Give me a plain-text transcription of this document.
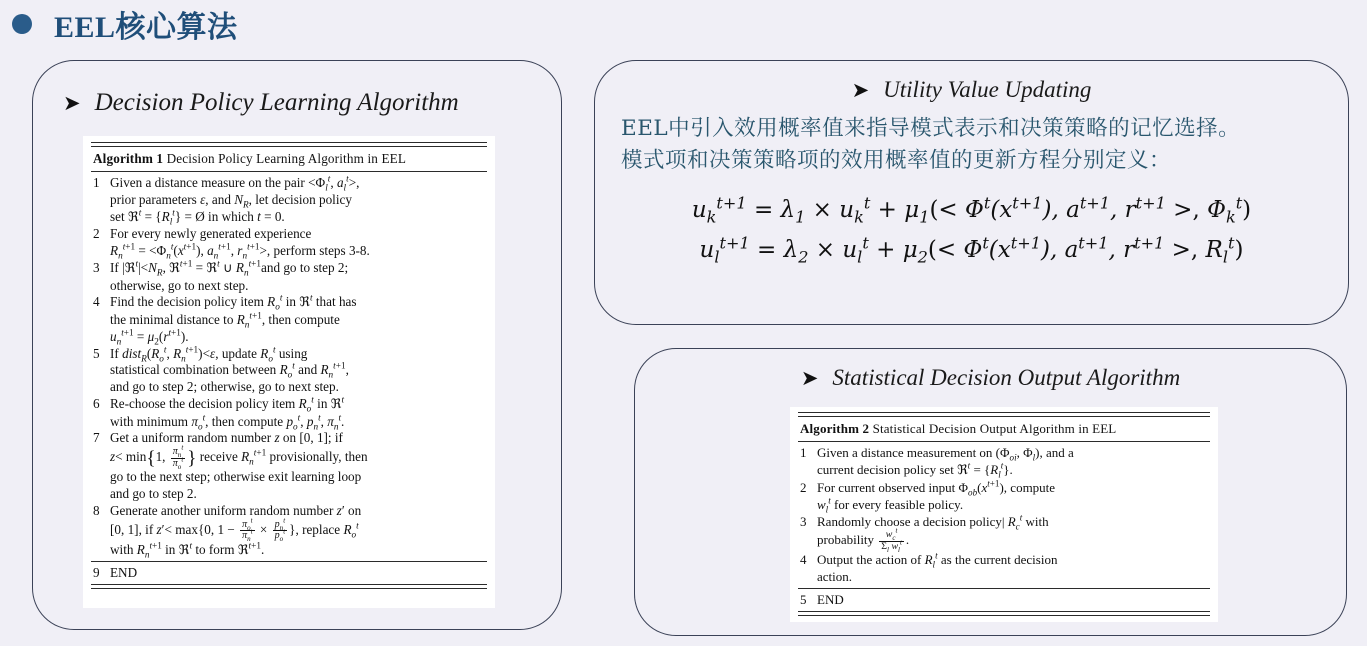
EEL核心算法
➤ Decision Policy Learning Algorithm
Algorithm 1 Decision Policy Learning Algorithm in EEL
1 Given a distance measure on the pair $<\Phi_l^t$, $a_l^t>$,
prior parameters ε, and $N_R$, let decision policy
set ℜ$^t$ = $\{R_l^t\}$ = Ø in which t = 0.
2 For every newly generated experience
$R_n^{t+1} = <\Phi_n^t(x^{t+1})$, $a_n^{t+1}$, $r_n^{t+1}>$, perform steps 3-8.
3 If $|ℜ^t|<N_R$, ℜ$^{t+1}$ = ℜ$^t$ ∪ $R_n^{t+1}and$ go to step 2;
otherwise, go to next step.
4 Find the decision policy item $R_o^t$ in ℜ$^t$ that has
the minimal distance to $R_n^{t+1}$, then compute
$u_n^{t+1} = \mu_2(r^{t+1})$.
5 If $dist_R(R_o^t$, $R_n^{t+1})<\varepsilon$, update $R_o^t$ using
statistical combination between $R_o^t$ and $R_n^{t+1}$,
and go to step 2; otherwise, go to next step.
6 Re-choose the decision policy item $R_o^t$ in ℜ$^t$
with minimum $\pi_o^t$, then compute $p_o^t$, $p_n^t$, $\pi_n^t$.
7 Get a uniform random number z on [0, 1]; if
z< min{1, $\frac{\pi_n^t}{\pi_o^t}$ } receive $R_n^{t+1}$ provisionally, then
go to the next step; otherwise exit learning loop
and go to step 2.
8 Generate another uniform random number z′ on
[0, 1], if z′< max{0, $1 - \frac{\pi_o^t}{\pi_n^t} \times \frac{p_n^t}{p_o^t}$ }, replace $R_o^t$
with $R_n^{t+1}$ in ℜ$^t$ to form ℜ$^{t+1}$.
9 END
➤ Utility Value Updating
EEL中引入效用概率值来指导模式表示和决策策略的记忆选择。
模式项和决策策略项的效用概率值的更新方程分别定义：
$u_k^{t+1} = \lambda_1 \times u_k^t + \mu_1(< \Phi^t(x^{t+1})$, $a^{t+1}$, $r^{t+1}$ >, $\Phi_k^t$)
$u_l^{t+1} = \lambda_2 \times u_l^t + \mu_2(< \Phi^t(x^{t+1})$, $a^{t+1}$, $r^{t+1}$ >, $R_l^t$)
➤ Statistical Decision Output Algorithm
Algorithm 2 Statistical Decision Output Algorithm in EEL
1 Given a distance measurement on ($\Phi_{oi}$, $\Phi_l$), and a
current decision policy set ℜ$^t$ = $\{R_l^t\}$.
2 For current observed input $\Phi_{ob}(x^{t+1})$, compute
$w_l^t$ for every feasible policy.
3 Randomly choose a decision policy| $R_c^t$ with
probability $\frac{w_c^t}{\Sigma_l w_l^t}$ .
4 Output the action of $R_l^t$ as the current decision
action.
5 END
